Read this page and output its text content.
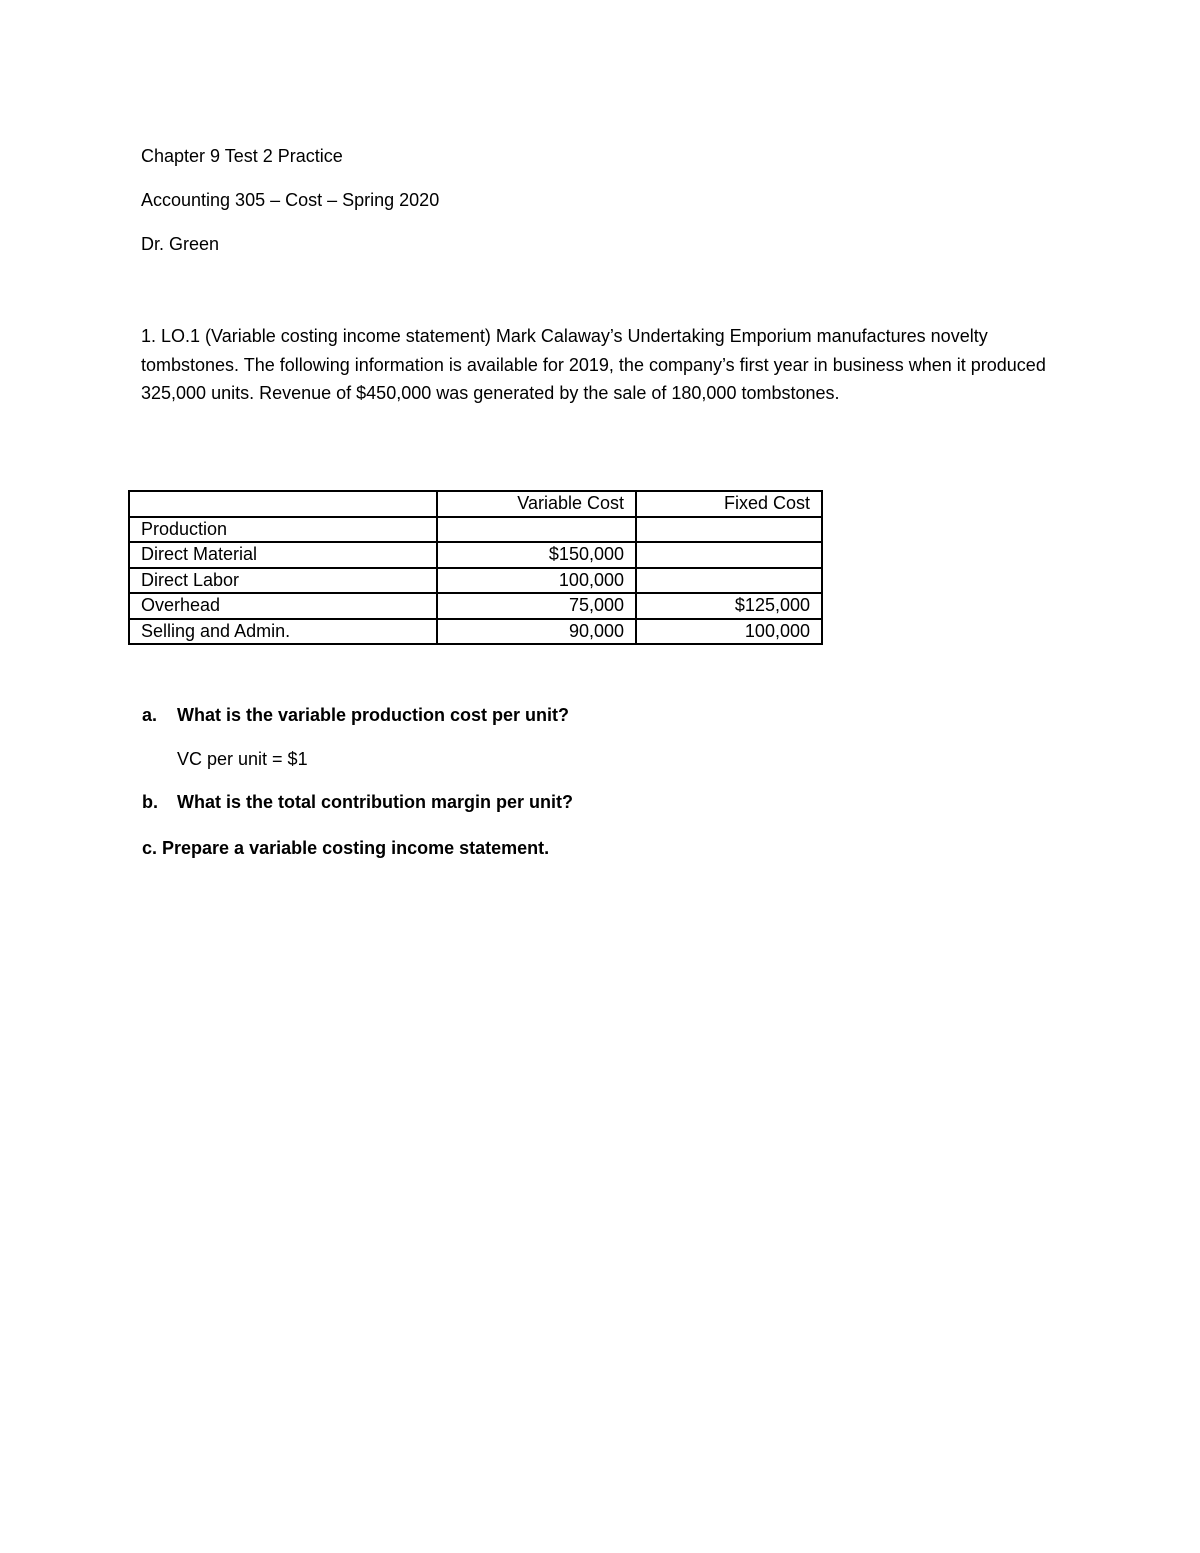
Chapter 9 Test 2 Practice
Accounting 305 – Cost – Spring 2020
Dr. Green
1. LO.1 (Variable costing income statement) Mark Calaway’s Undertaking Emporium manufactures novelty tombstones. The following information is available for 2019, the company’s first year in business when it produced 325,000 units. Revenue of $450,000 was generated by the sale of 180,000 tombstones.
	Variable Cost	Fixed Cost
Production		
Direct Material	$150,000	
Direct Labor	100,000	
Overhead	75,000	$125,000
Selling and Admin.	90,000	100,000
a. What is the variable production cost per unit?
VC per unit = $1
b. What is the total contribution margin per unit?
c. Prepare a variable costing income statement.
